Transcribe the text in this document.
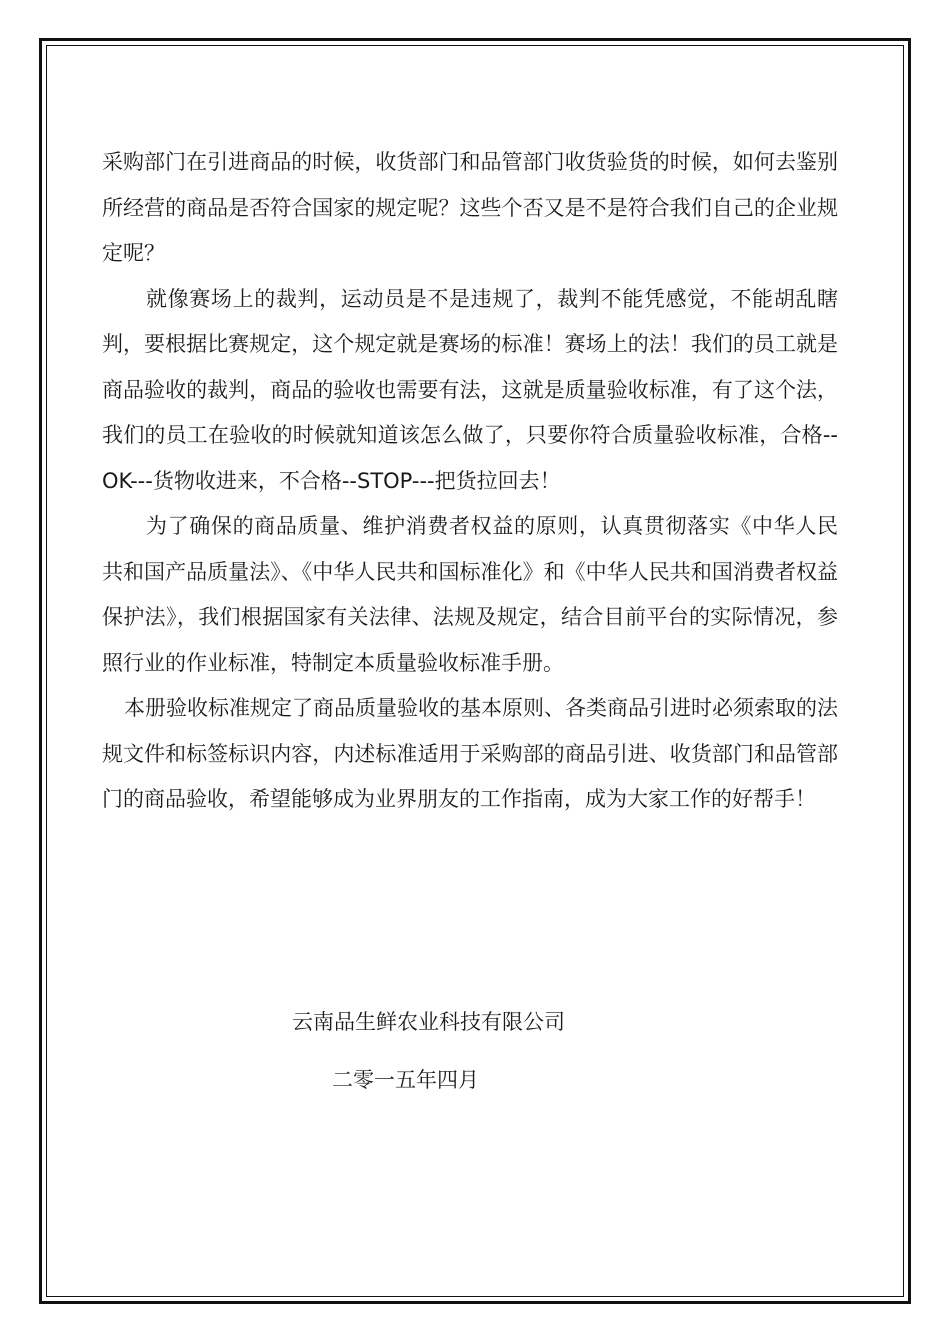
采购部门在引进商品的时候，收货部门和品管部门收货验货的时候，如何去鉴别所经营的商品是否符合国家的规定呢？这些个否又是不是符合我们自己的企业规定呢？

就像赛场上的裁判，运动员是不是违规了，裁判不能凭感觉，不能胡乱瞎判，要根据比赛规定，这个规定就是赛场的标准！赛场上的法！我们的员工就是商品验收的裁判，商品的验收也需要有法，这就是质量验收标准，有了这个法，我们的员工在验收的时候就知道该怎么做了，只要你符合质量验收标准，合格--OK---货物收进来，不合格--STOP---把货拉回去！

为了确保的商品质量、维护消费者权益的原则，认真贯彻落实《中华人民共和国产品质量法》、《中华人民共和国标准化》和《中华人民共和国消费者权益保护法》，我们根据国家有关法律、法规及规定，结合目前平台的实际情况，参照行业的作业标准，特制定本质量验收标准手册。

本册验收标准规定了商品质量验收的基本原则、各类商品引进时必须索取的法规文件和标签标识内容，内述标准适用于采购部的商品引进、收货部门和品管部门的商品验收，希望能够成为业界朋友的工作指南，成为大家工作的好帮手！

云南品生鲜农业科技有限公司
二零一五年四月
